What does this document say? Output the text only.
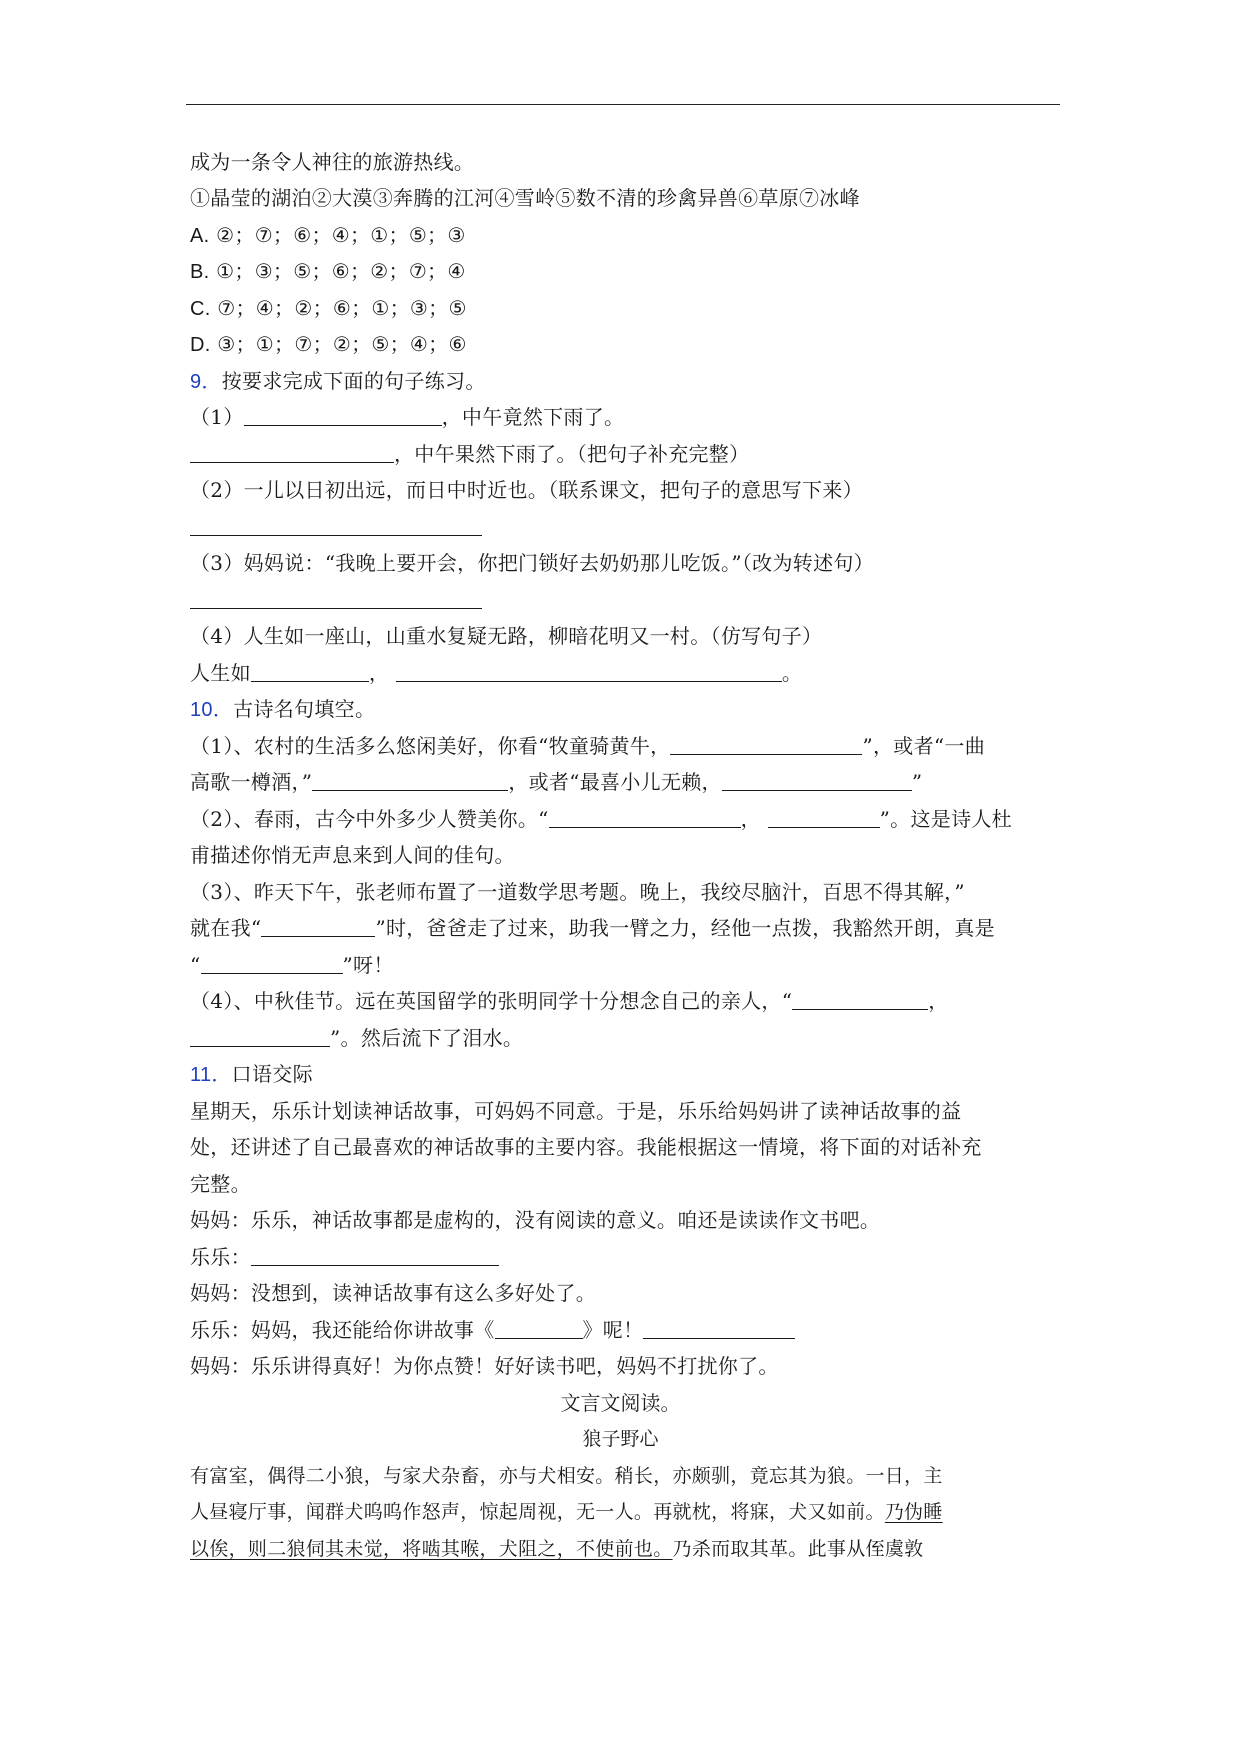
成为一条令人神往的旅游热线。
①晶莹的湖泊②大漠③奔腾的江河④雪岭⑤数不清的珍禽异兽⑥草原⑦冰峰
A. ②；⑦；⑥；④；①；⑤；③
B. ①；③；⑤；⑥；②；⑦；④
C. ⑦；④；②；⑥；①；③；⑤
D. ③；①；⑦；②；⑤；④；⑥
9．按要求完成下面的句子练习。
（1）	，中午竟然下雨了。
，中午果然下雨了。（把句子补充完整）
（2）一儿以日初出远，而日中时近也。（联系课文，把句子的意思写下来）
（3）妈妈说：“我晚上要开会，你把门锁好去奶奶那儿吃饭。”（改为转述句）
（4）人生如一座山，山重水复疑无路，柳暗花明又一村。（仿写句子）
人生如	，	。
10．古诗名句填空。
（1）、农村的生活多么悠闲美好，你看“牧童骑黄牛，	”，或者“一曲
高歌一樽酒，”	，或者“最喜小儿无赖，	”
（2）、春雨，古今中外多少人赞美你。“	，	”。这是诗人杜
甫描述你悄无声息来到人间的佳句。
（3）、昨天下午，张老师布置了一道数学思考题。晚上，我绞尽脑汁，百思不得其解，”
就在我“	”时，爸爸走了过来，助我一臂之力，经他一点拨，我豁然开朗，真是
“	”呀！
（4）、中秋佳节。远在英国留学的张明同学十分想念自己的亲人，“	，
”。然后流下了泪水。
11．口语交际
星期天，乐乐计划读神话故事，可妈妈不同意。于是，乐乐给妈妈讲了读神话故事的益
处，还讲述了自己最喜欢的神话故事的主要内容。我能根据这一情境，将下面的对话补充
完整。
妈妈：乐乐，神话故事都是虚构的，没有阅读的意义。咱还是读读作文书吧。
乐乐：
妈妈：没想到，读神话故事有这么多好处了。
乐乐：妈妈，我还能给你讲故事《	》呢！
妈妈：乐乐讲得真好！为你点赞！好好读书吧，妈妈不打扰你了。
文言文阅读。
狼子野心
有富室，偶得二小狼，与家犬杂畜，亦与犬相安。稍长，亦颇驯，竟忘其为狼。一日，主
人昼寝厅事，闻群犬呜呜作怒声，惊起周视，无一人。再就枕，将寐，犬又如前。乃伪睡
以俟，则二狼伺其未觉，将啮其喉，犬阻之，不使前也。乃杀而取其革。此事从侄虞敦
